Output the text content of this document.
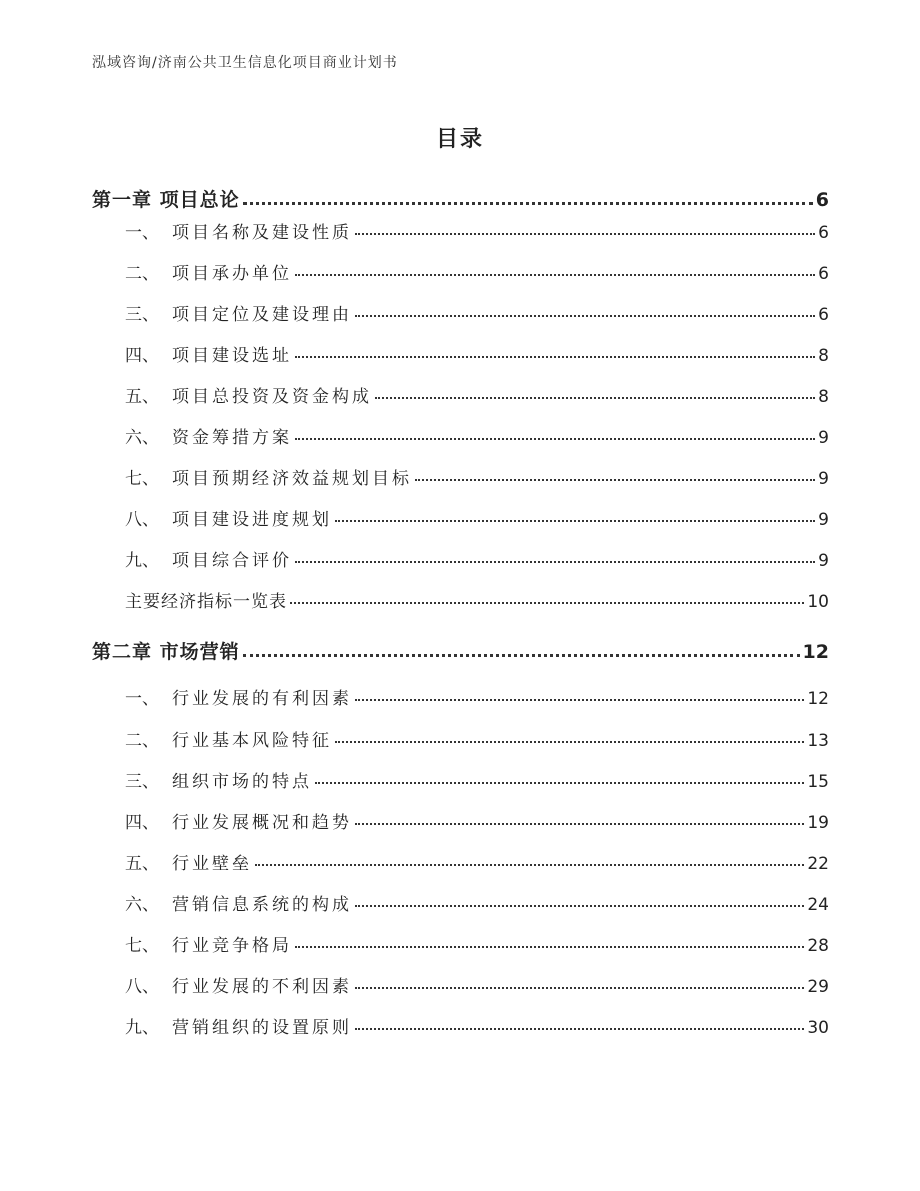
泓域咨询/济南公共卫生信息化项目商业计划书
目录
第一章 项目总论	6
一、 项目名称及建设性质	6
二、 项目承办单位	6
三、 项目定位及建设理由	6
四、 项目建设选址	8
五、 项目总投资及资金构成	8
六、 资金筹措方案	9
七、 项目预期经济效益规划目标	9
八、 项目建设进度规划	9
九、 项目综合评价	9
主要经济指标一览表	10
第二章 市场营销	12
一、 行业发展的有利因素	12
二、 行业基本风险特征	13
三、 组织市场的特点	15
四、 行业发展概况和趋势	19
五、 行业壁垒	22
六、 营销信息系统的构成	24
七、 行业竞争格局	28
八、 行业发展的不利因素	29
九、 营销组织的设置原则	30
